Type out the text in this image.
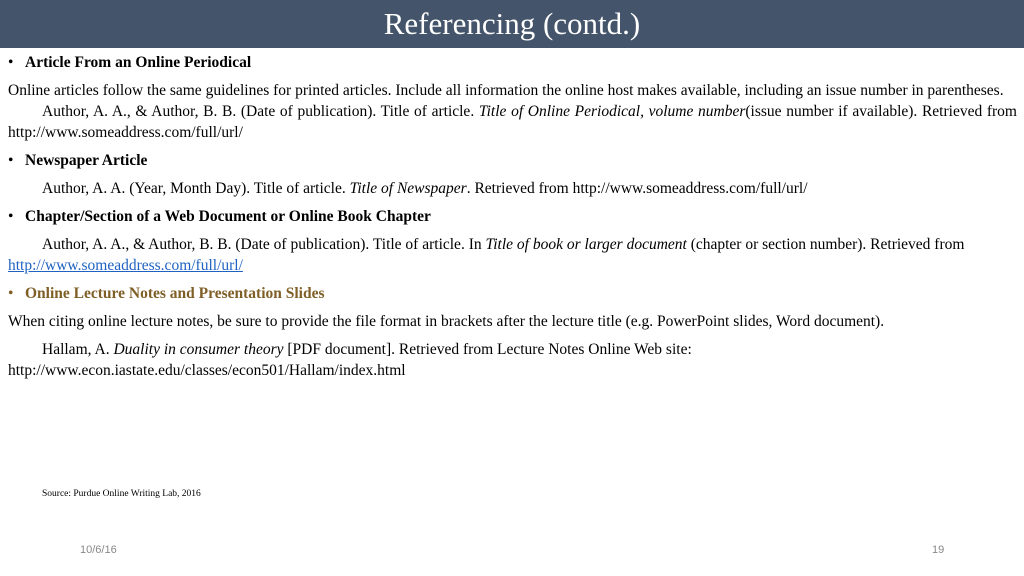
Referencing (contd.)
• Article From an Online Periodical

Online articles follow the same guidelines for printed articles. Include all information the online host makes available, including an issue number in parentheses.

Author, A. A., & Author, B. B. (Date of publication). Title of article. Title of Online Periodical, volume number(issue number if available). Retrieved from http://www.someaddress.com/full/url/

• Newspaper Article

Author, A. A. (Year, Month Day). Title of article. Title of Newspaper. Retrieved from http://www.someaddress.com/full/url/

• Chapter/Section of a Web Document or Online Book Chapter

Author, A. A., & Author, B. B. (Date of publication). Title of article. In Title of book or larger document (chapter or section number). Retrieved from http://www.someaddress.com/full/url/

• Online Lecture Notes and Presentation Slides

When citing online lecture notes, be sure to provide the file format in brackets after the lecture title (e.g. PowerPoint slides, Word document).

Hallam, A. Duality in consumer theory [PDF document]. Retrieved from Lecture Notes Online Web site: http://www.econ.iastate.edu/classes/econ501/Hallam/index.html

Source: Purdue Online Writing Lab, 2016
10/6/16	19
